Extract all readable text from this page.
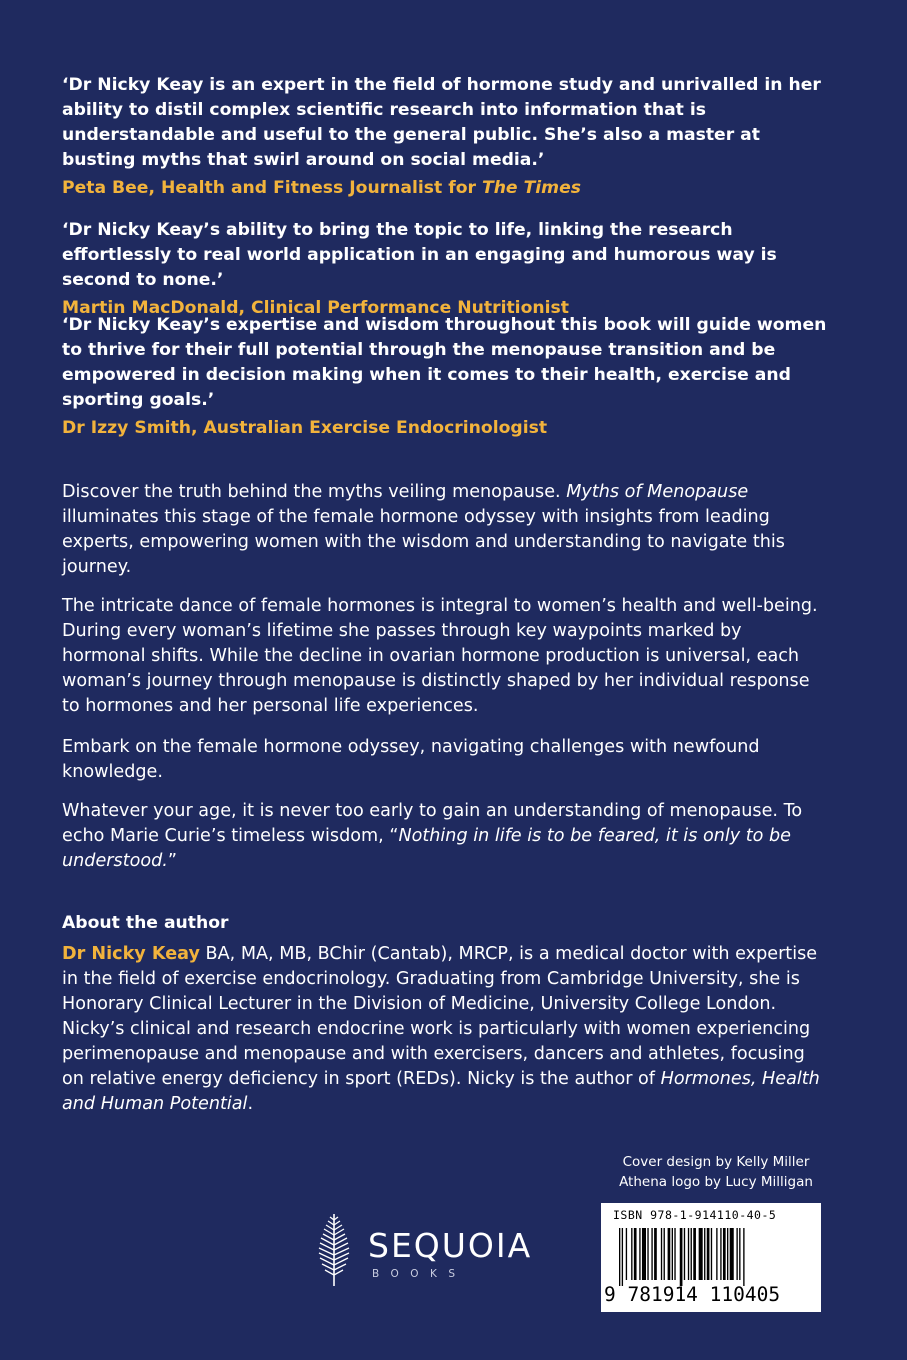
‘Dr Nicky Keay is an expert in the field of hormone study and unrivalled in her ability to distil complex scientific research into information that is understandable and useful to the general public. She’s also a master at busting myths that swirl around on social media.’

Peta Bee, Health and Fitness Journalist for The Times

‘Dr Nicky Keay’s ability to bring the topic to life, linking the research effortlessly to real world application in an engaging and humorous way is second to none.’

Martin MacDonald, Clinical Performance Nutritionist

‘Dr Nicky Keay’s expertise and wisdom throughout this book will guide women to thrive for their full potential through the menopause transition and be empowered in decision making when it comes to their health, exercise and sporting goals.’

Dr Izzy Smith, Australian Exercise Endocrinologist

Discover the truth behind the myths veiling menopause. Myths of Menopause illuminates this stage of the female hormone odyssey with insights from leading experts, empowering women with the wisdom and understanding to navigate this journey.

The intricate dance of female hormones is integral to women’s health and well-being. During every woman’s lifetime she passes through key waypoints marked by hormonal shifts. While the decline in ovarian hormone production is universal, each woman’s journey through menopause is distinctly shaped by her individual response to hormones and her personal life experiences.

Embark on the female hormone odyssey, navigating challenges with newfound knowledge.

Whatever your age, it is never too early to gain an understanding of menopause. To echo Marie Curie’s timeless wisdom, “Nothing in life is to be feared, it is only to be understood.”

About the author

Dr Nicky Keay BA, MA, MB, BChir (Cantab), MRCP, is a medical doctor with expertise in the field of exercise endocrinology. Graduating from Cambridge University, she is Honorary Clinical Lecturer in the Division of Medicine, University College London. Nicky’s clinical and research endocrine work is particularly with women experiencing perimenopause and menopause and with exercisers, dancers and athletes, focusing on relative energy deficiency in sport (REDs). Nicky is the author of Hormones, Health and Human Potential.

Cover design by Kelly Miller
Athena logo by Lucy Milligan
SEQUOIA
BOOKS
ISBN 978-1-914110-40-5
9 781914 110405
